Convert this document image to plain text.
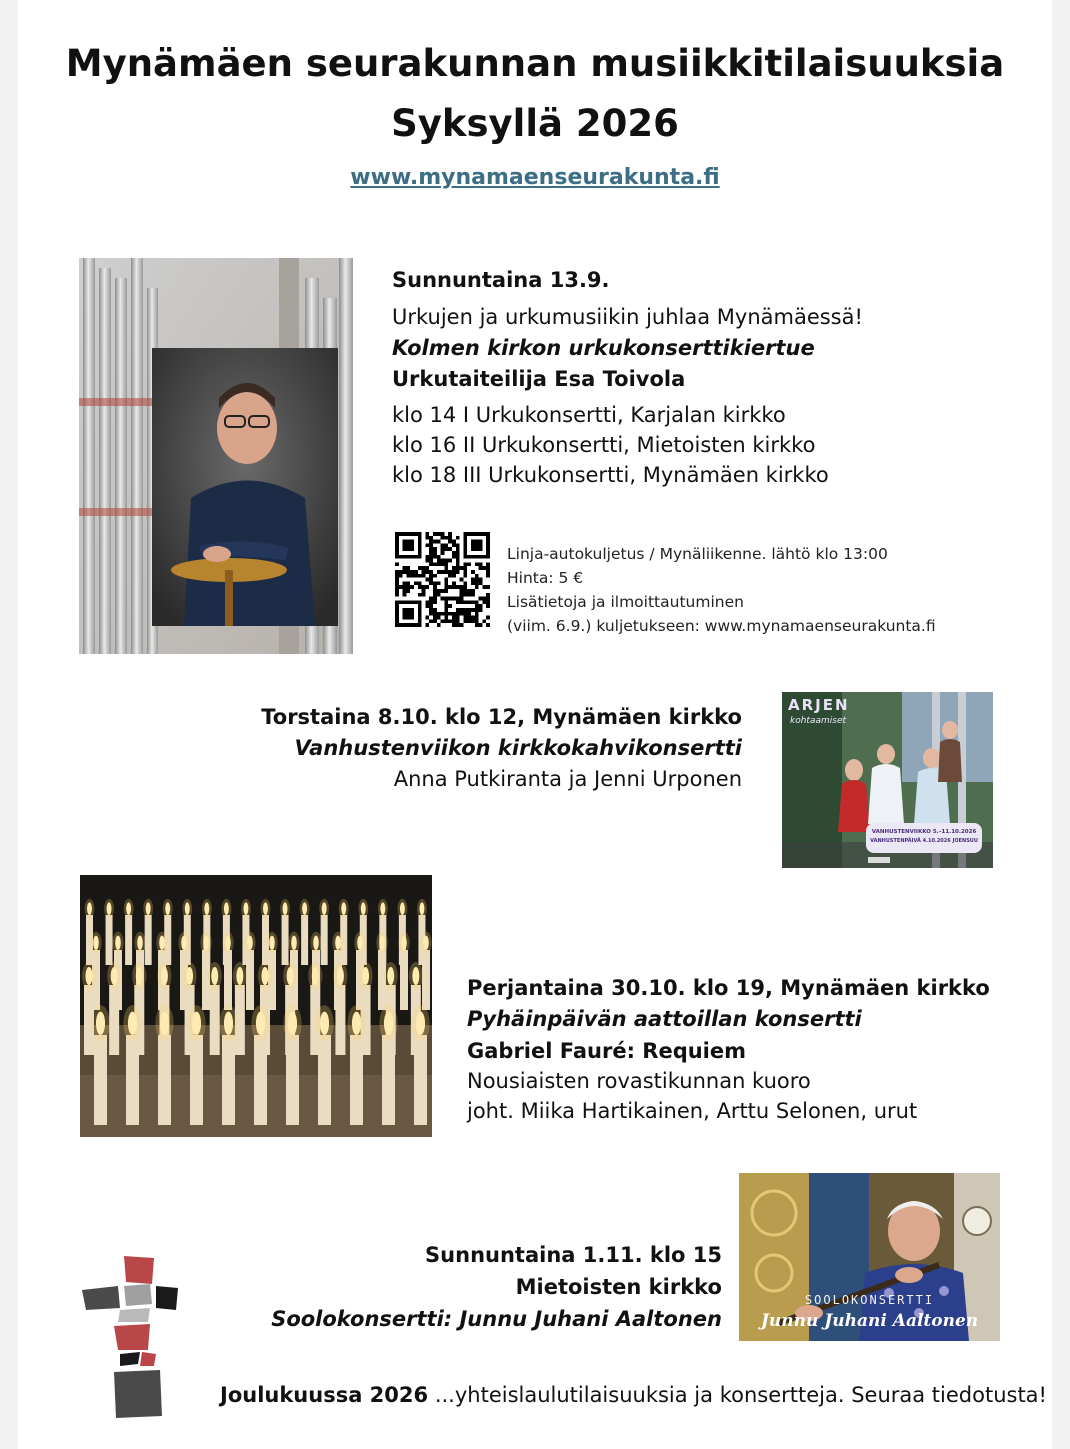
Mynämäen seurakunnan musiikkitilaisuuksia
Syksyllä 2026
www.mynamaenseurakunta.fi
Sunnuntaina 13.9.
Urkujen ja urkumusiikin juhlaa Mynämäessä!
Kolmen kirkon urkukonserttikiertue
Urkutaiteilija Esa Toivola
klo 14 I Urkukonsertti, Karjalan kirkko
klo 16 II Urkukonsertti, Mietoisten kirkko
klo 18 III Urkukonsertti, Mynämäen kirkko
Linja-autokuljetus / Mynäliikenne. lähtö klo 13:00
Hinta: 5 €
Lisätietoja ja ilmoittautuminen
(viim. 6.9.) kuljetukseen: www.mynamaenseurakunta.fi
Torstaina 8.10. klo 12, Mynämäen kirkko
Vanhustenviikon kirkkokahvikonsertti
Anna Putkiranta ja Jenni Urponen
ARJEN
kohtaamiset
VANHUSTENVIIKKO 5.–11.10.2026
VANHUSTENPÄIVÄ 4.10.2026 JOENSUU
Perjantaina 30.10. klo 19, Mynämäen kirkko
Pyhäinpäivän aattoillan konsertti
Gabriel Fauré: Requiem
Nousiaisten rovastikunnan kuoro
joht. Miika Hartikainen, Arttu Selonen, urut
SOOLOKONSERTTI
Junnu Juhani Aaltonen
Sunnuntaina 1.11. klo 15
Mietoisten kirkko
Soolokonsertti: Junnu Juhani Aaltonen
Joulukuussa 2026 ...yhteislaulutilaisuuksia ja konsertteja. Seuraa tiedotusta!
